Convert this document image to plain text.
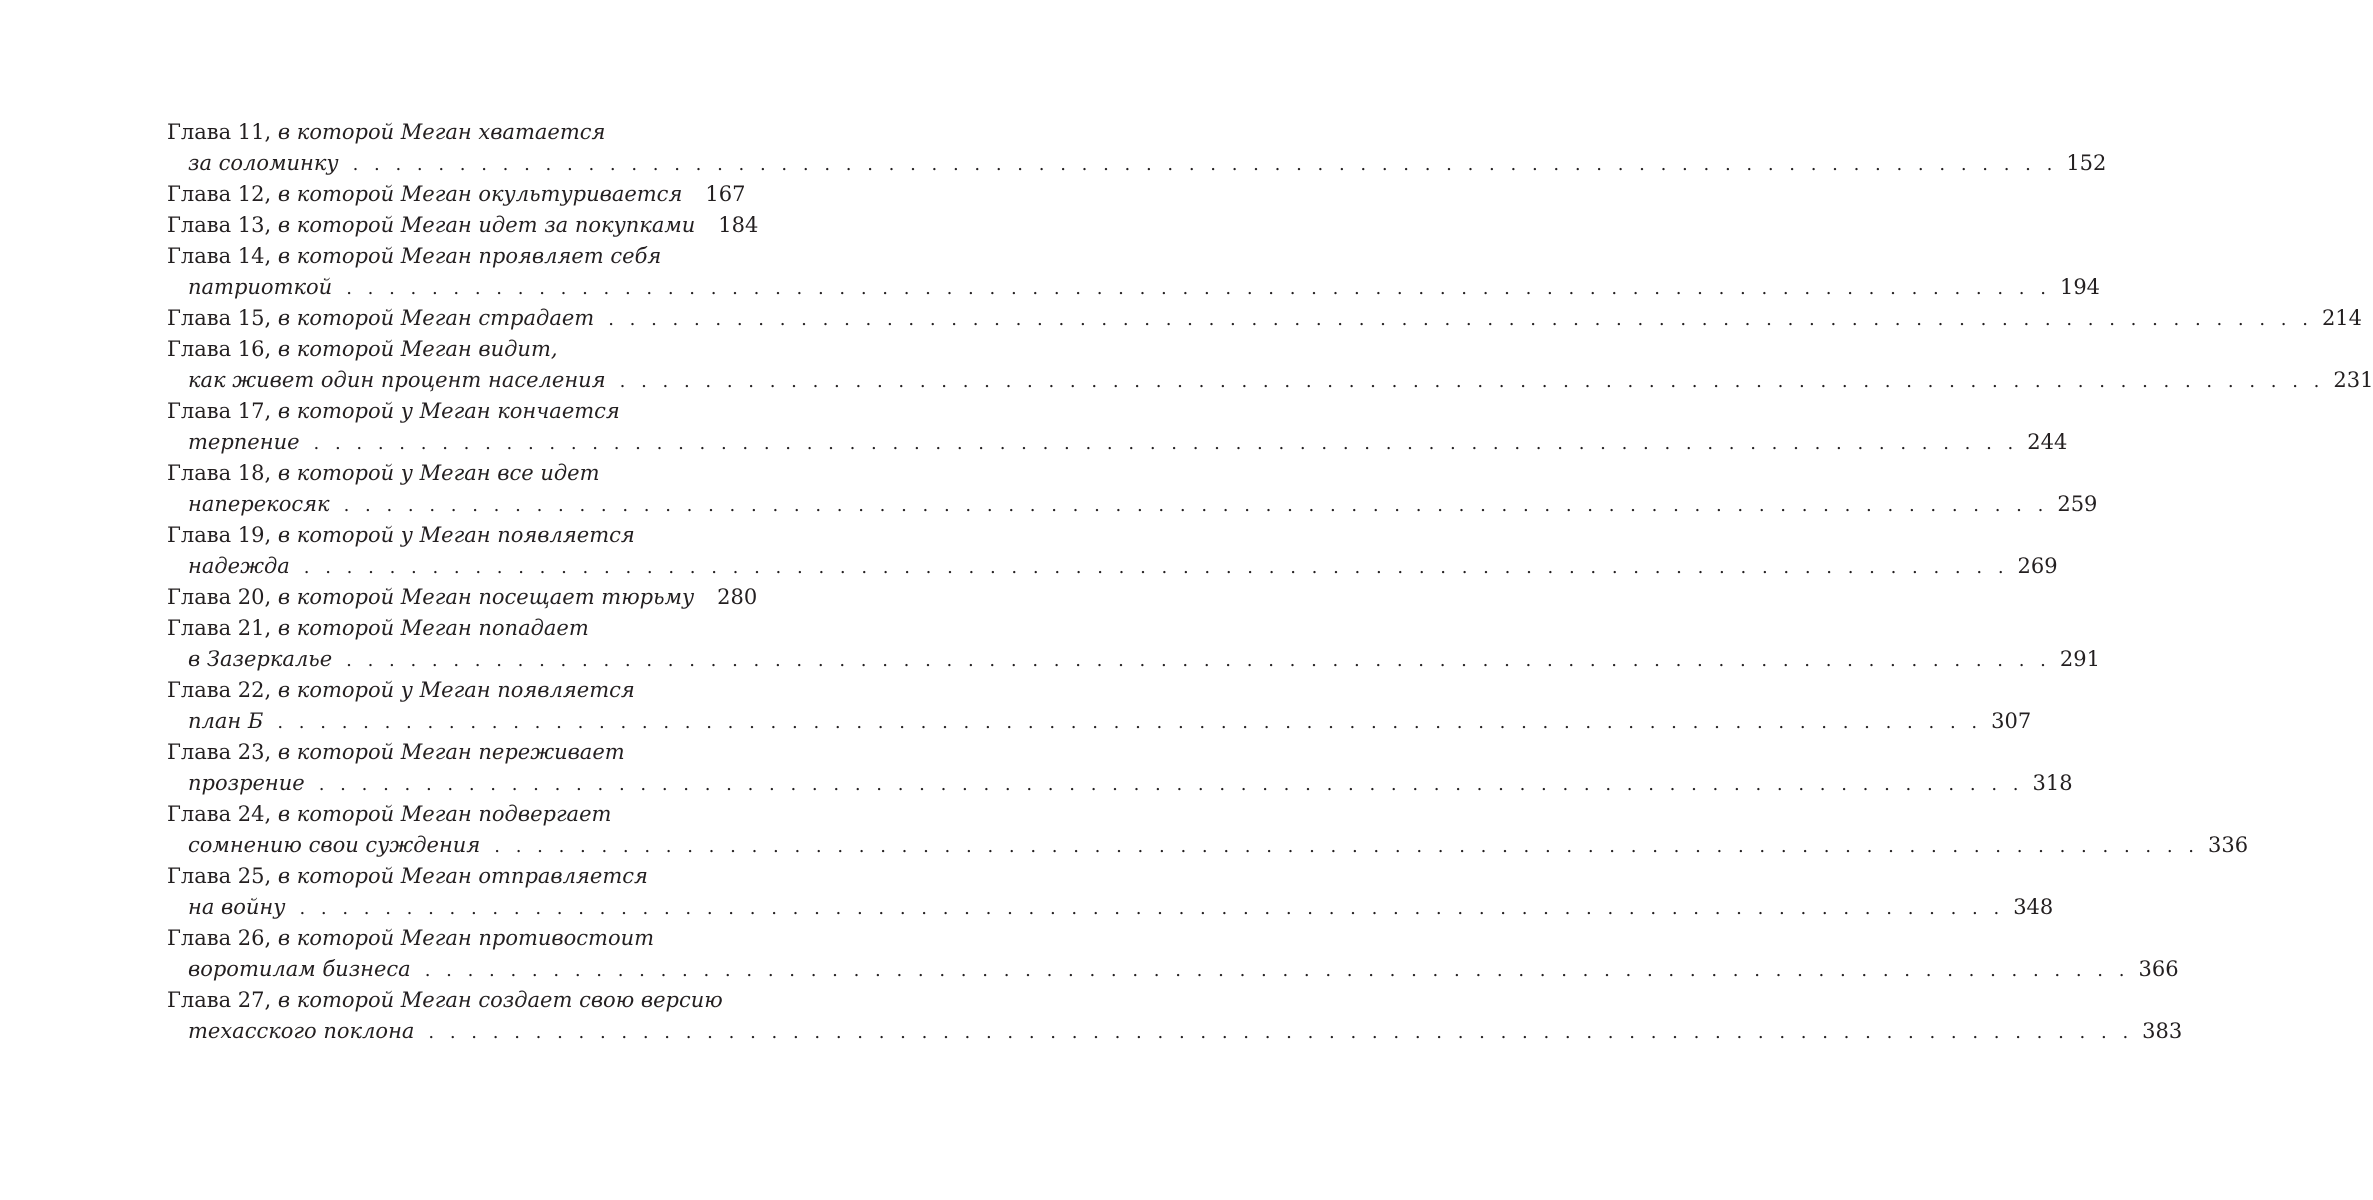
Глава 11,
в которой Меган хватается
за соломинку . . . . . . . . . . . . . . . . . . . . . . . . . . . . . . . . . . . . . . . . . . . . . . . . . . . . . . . . . . . . . . . . . . . . . . . . . . . . . . . . 152
Глава 12,
в которой Меган окультуривается 167
Глава 13,
в которой Меган идет за покупками 184
Глава 14,
в которой Меган проявляет себя
патриоткой . . . . . . . . . . . . . . . . . . . . . . . . . . . . . . . . . . . . . . . . . . . . . . . . . . . . . . . . . . . . . . . . . . . . . . . . . . . . . . . . 194
Глава 15,
в которой Меган страдает . . . . . . . . . . . . . . . . . . . . . . . . . . . . . . . . . . . . . . . . . . . . . . . . . . . . . . . . . . . . . . . . . . . . . . . . . . . . . . . . 214
Глава 16,
в которой Меган видит,
как живет один процент населения . . . . . . . . . . . . . . . . . . . . . . . . . . . . . . . . . . . . . . . . . . . . . . . . . . . . . . . . . . . . . . . . . . . . . . . . . . . . . . . . 231
Глава 17,
в которой у Меган кончается
терпение . . . . . . . . . . . . . . . . . . . . . . . . . . . . . . . . . . . . . . . . . . . . . . . . . . . . . . . . . . . . . . . . . . . . . . . . . . . . . . . . 244
Глава 18,
в которой у Меган все идет
наперекосяк . . . . . . . . . . . . . . . . . . . . . . . . . . . . . . . . . . . . . . . . . . . . . . . . . . . . . . . . . . . . . . . . . . . . . . . . . . . . . . . . 259
Глава 19,
в которой у Меган появляется
надежда . . . . . . . . . . . . . . . . . . . . . . . . . . . . . . . . . . . . . . . . . . . . . . . . . . . . . . . . . . . . . . . . . . . . . . . . . . . . . . . . 269
Глава 20,
в которой Меган посещает тюрьму 280
Глава 21,
в которой Меган попадает
в Зазеркалье . . . . . . . . . . . . . . . . . . . . . . . . . . . . . . . . . . . . . . . . . . . . . . . . . . . . . . . . . . . . . . . . . . . . . . . . . . . . . . . . 291
Глава 22,
в которой у Меган появляется
план Б . . . . . . . . . . . . . . . . . . . . . . . . . . . . . . . . . . . . . . . . . . . . . . . . . . . . . . . . . . . . . . . . . . . . . . . . . . . . . . . . 307
Глава 23,
в которой Меган переживает
прозрение . . . . . . . . . . . . . . . . . . . . . . . . . . . . . . . . . . . . . . . . . . . . . . . . . . . . . . . . . . . . . . . . . . . . . . . . . . . . . . . . 318
Глава 24,
в которой Меган подвергает
сомнению свои суждения . . . . . . . . . . . . . . . . . . . . . . . . . . . . . . . . . . . . . . . . . . . . . . . . . . . . . . . . . . . . . . . . . . . . . . . . . . . . . . . . 336
Глава 25,
в которой Меган отправляется
на войну . . . . . . . . . . . . . . . . . . . . . . . . . . . . . . . . . . . . . . . . . . . . . . . . . . . . . . . . . . . . . . . . . . . . . . . . . . . . . . . . 348
Глава 26,
в которой Меган противостоит
воротилам бизнеса . . . . . . . . . . . . . . . . . . . . . . . . . . . . . . . . . . . . . . . . . . . . . . . . . . . . . . . . . . . . . . . . . . . . . . . . . . . . . . . . 366
Глава 27,
в которой Меган создает свою версию
техасского поклона . . . . . . . . . . . . . . . . . . . . . . . . . . . . . . . . . . . . . . . . . . . . . . . . . . . . . . . . . . . . . . . . . . . . . . . . . . . . . . . . 383
